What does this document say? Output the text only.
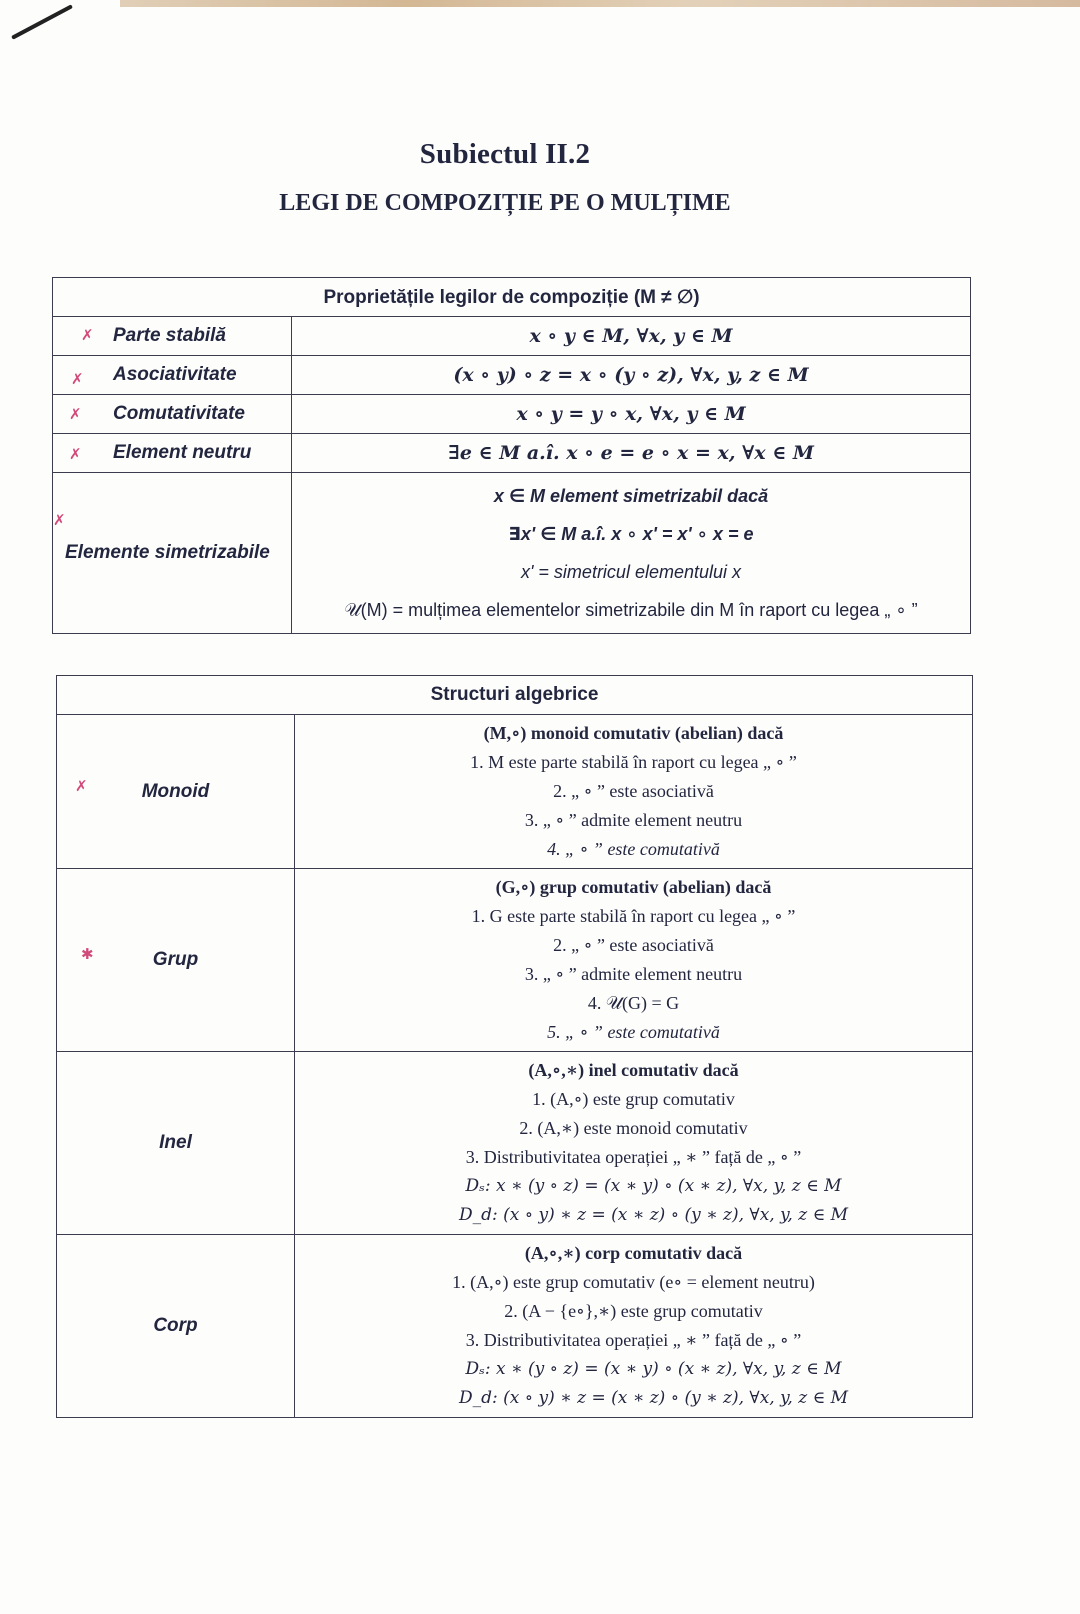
Subiectul II.2
LEGI DE COMPOZIȚIE PE O MULȚIME
Proprietățile legilor de compoziție (M ≠ ∅)	

✗ Parte stabilă	x ∘ y ∈ M, ∀x, y ∈ M

✗ Asociativitate	(x ∘ y) ∘ z = x ∘ (y ∘ z), ∀x, y, z ∈ M

✗ Comutativitate	x ∘ y = y ∘ x, ∀x, y ∈ M

✗ Element neutru	∃e ∈ M a.î. x ∘ e = e ∘ x = x, ∀x ∈ M

✗
Elemente simetrizabile	
x ∈ M element simetrizabil dacă
∃x' ∈ M a.î. x ∘ x' = x' ∘ x = e
x' = simetricul elementului x
𝒰(M) = mulțimea elementelor simetrizabile din M în raport cu legea „ ∘ ”
Structuri algebrice	

✗	Monoid	
(M,∘) monoid comutativ (abelian) dacă
1. M este parte stabilă în raport cu legea „ ∘ ”
2. „ ∘ ” este asociativă
3. „ ∘ ” admite element neutru
4. „ ∘ ” este comutativă

✱	Grup	
(G,∘) grup comutativ (abelian) dacă
1. G este parte stabilă în raport cu legea „ ∘ ”
2. „ ∘ ” este asociativă
3. „ ∘ ” admite element neutru
4. 𝒰(G) = G
5. „ ∘ ” este comutativă

Inel	
(A,∘,∗) inel comutativ dacă
1. (A,∘) este grup comutativ
2. (A,∗) este monoid comutativ
3. Distributivitatea operației „ ∗ ” față de „ ∘ ”
Dₛ: x ∗ (y ∘ z) = (x ∗ y) ∘ (x ∗ z), ∀x, y, z ∈ M
D_d: (x ∘ y) ∗ z = (x ∗ z) ∘ (y ∗ z), ∀x, y, z ∈ M

Corp	
(A,∘,∗) corp comutativ dacă
1. (A,∘) este grup comutativ (e∘ = element neutru)
2. (A − {e∘},∗) este grup comutativ
3. Distributivitatea operației „ ∗ ” față de „ ∘ ”
Dₛ: x ∗ (y ∘ z) = (x ∗ y) ∘ (x ∗ z), ∀x, y, z ∈ M
D_d: (x ∘ y) ∗ z = (x ∗ z) ∘ (y ∗ z), ∀x, y, z ∈ M
